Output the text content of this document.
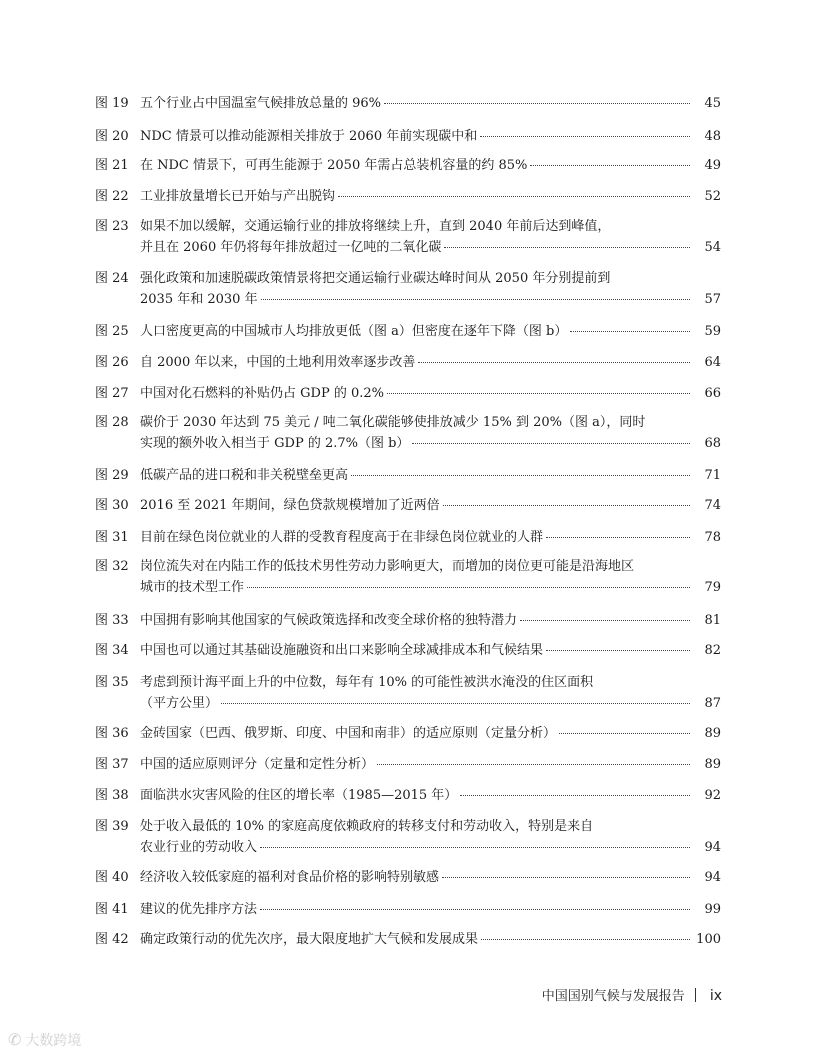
图 19 五个行业占中国温室气候排放总量的 96%	45
图 20 NDC 情景可以推动能源相关排放于 2060 年前实现碳中和	48
图 21 在 NDC 情景下，可再生能源于 2050 年需占总装机容量的约 85%	49
图 22 工业排放量增长已开始与产出脱钩	52
图 23 如果不加以缓解，交通运输行业的排放将继续上升，直到 2040 年前后达到峰值，
并且在 2060 年仍将每年排放超过一亿吨的二氧化碳	54
图 24 强化政策和加速脱碳政策情景将把交通运输行业碳达峰时间从 2050 年分别提前到
2035 年和 2030 年	57
图 25 人口密度更高的中国城市人均排放更低（图 a）但密度在逐年下降（图 b）	59
图 26 自 2000 年以来，中国的土地利用效率逐步改善	64
图 27 中国对化石燃料的补贴仍占 GDP 的 0.2%	66
图 28 碳价于 2030 年达到 75 美元 / 吨二氧化碳能够使排放减少 15% 到 20%（图 a），同时
实现的额外收入相当于 GDP 的 2.7%（图 b）	68
图 29 低碳产品的进口税和非关税壁垒更高	71
图 30 2016 至 2021 年期间，绿色贷款规模增加了近两倍	74
图 31 目前在绿色岗位就业的人群的受教育程度高于在非绿色岗位就业的人群	78
图 32 岗位流失对在内陆工作的低技术男性劳动力影响更大，而增加的岗位更可能是沿海地区
城市的技术型工作	79
图 33 中国拥有影响其他国家的气候政策选择和改变全球价格的独特潜力	81
图 34 中国也可以通过其基础设施融资和出口来影响全球减排成本和气候结果	82
图 35 考虑到预计海平面上升的中位数，每年有 10% 的可能性被洪水淹没的住区面积
（平方公里）	87
图 36 金砖国家（巴西、俄罗斯、印度、中国和南非）的适应原则（定量分析）	89
图 37 中国的适应原则评分（定量和定性分析）	89
图 38 面临洪水灾害风险的住区的增长率（1985—2015 年）	92
图 39 处于收入最低的 10% 的家庭高度依赖政府的转移支付和劳动收入，特别是来自
农业行业的劳动收入	94
图 40 经济收入较低家庭的福利对食品价格的影响特别敏感	94
图 41 建议的优先排序方法	99
图 42 确定政策行动的优先次序，最大限度地扩大气候和发展成果	100
中国国别气候与发展报告 ix
✆ 大数跨境
